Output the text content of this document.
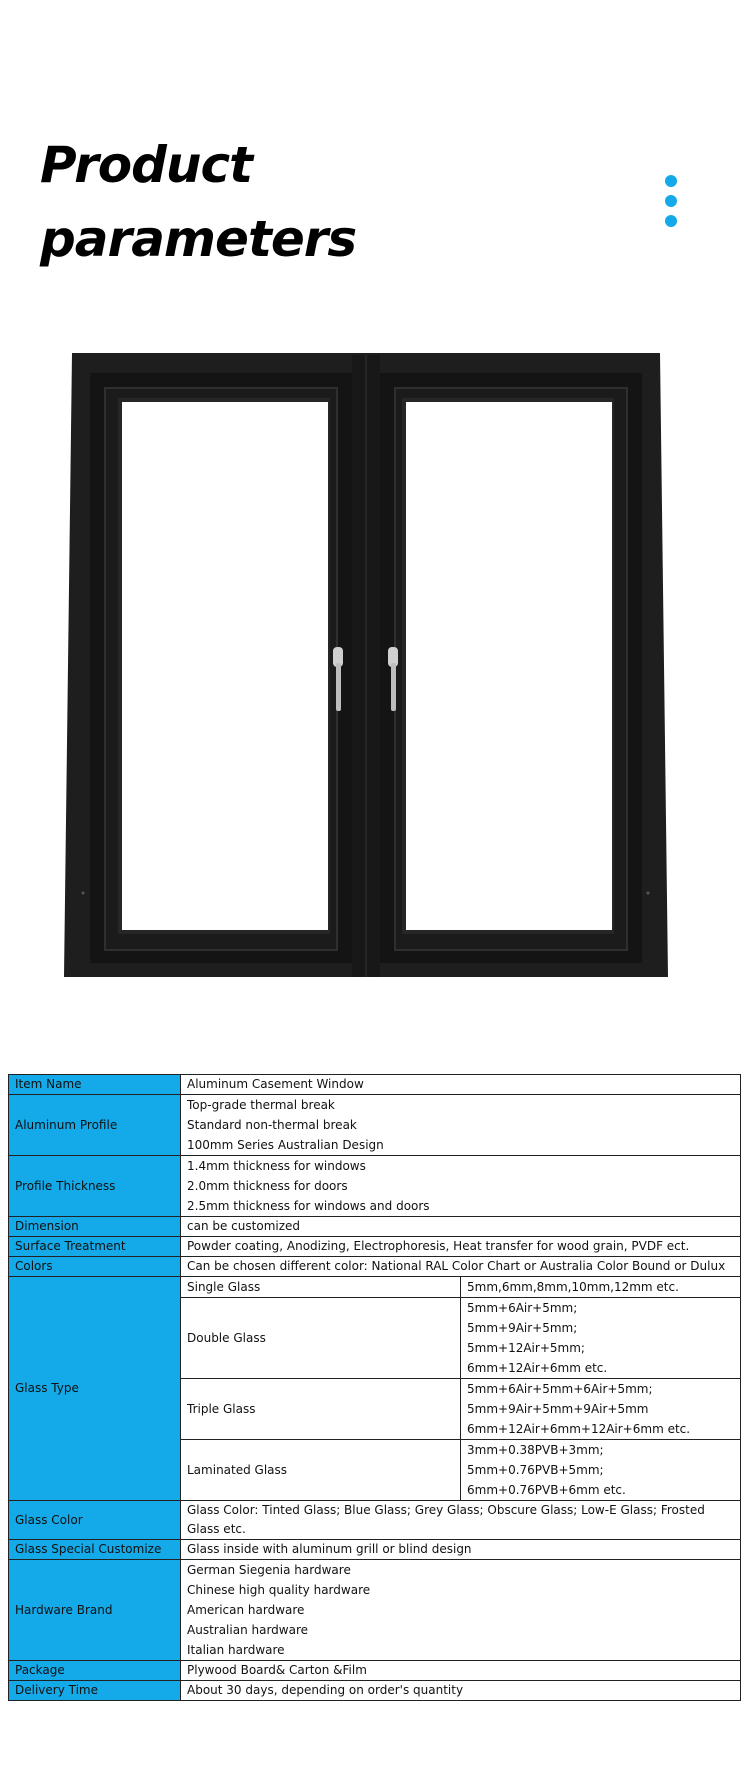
Product
parameters
Item Name	Aluminum Casement Window	
Aluminum Profile	Top-grade thermal break
Standard non-thermal break
100mm Series Australian Design	

Profile Thickness	1.4mm thickness for windows
2.0mm thickness for doors
2.5mm thickness for windows and doors	

Dimension	can be customized	
Surface Treatment	Powder coating, Anodizing, Electrophoresis, Heat transfer for wood grain, PVDF ect.	
Colors	Can be chosen different color: National RAL Color Chart or Australia Color Bound or Dulux	
Glass Type	Single Glass	5mm,6mm,8mm,10mm,12mm etc.

	Double Glass	5mm+6Air+5mm;
5mm+9Air+5mm;
5mm+12Air+5mm;
6mm+12Air+6mm etc.

	Triple Glass	5mm+6Air+5mm+6Air+5mm;
5mm+9Air+5mm+9Air+5mm
6mm+12Air+6mm+12Air+6mm etc.

	Laminated Glass	3mm+0.38PVB+3mm;
5mm+0.76PVB+5mm;
6mm+0.76PVB+6mm etc.

Glass Color	Glass Color: Tinted Glass; Blue Glass; Grey Glass; Obscure Glass; Low-E Glass; Frosted Glass etc.	
Glass Special Customize	Glass inside with aluminum grill or blind design	
Hardware Brand	German Siegenia hardware
Chinese high quality hardware
American hardware
Australian hardware
Italian hardware	

Package	Plywood Board& Carton &Film	
Delivery Time	About 30 days, depending on order's quantity	
